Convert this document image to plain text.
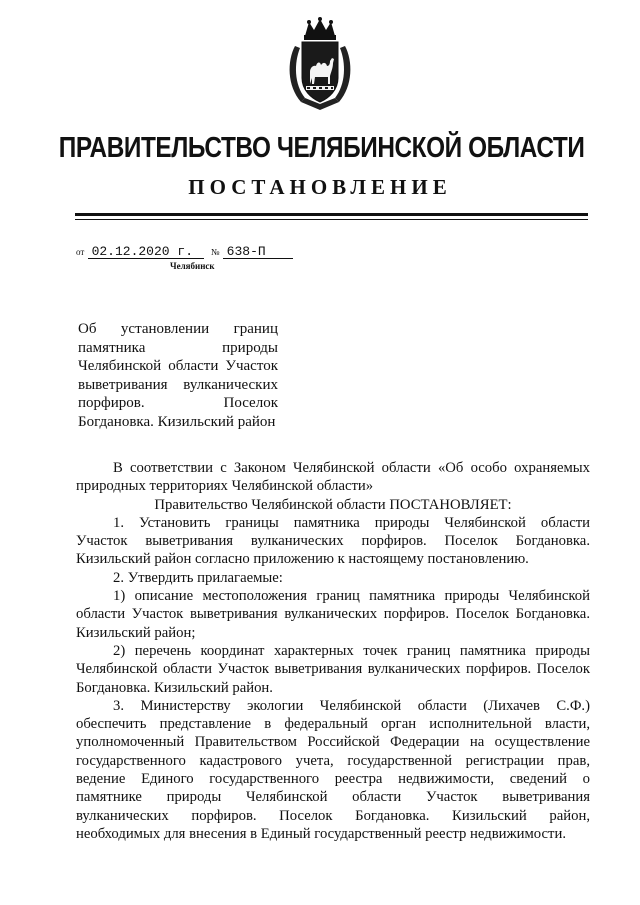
ПРАВИТЕЛЬСТВО ЧЕЛЯБИНСКОЙ ОБЛАСТИ
ПОСТАНОВЛЕНИЕ
от 02.12.2020 г. № 638-П
Челябинск
Об установлении границ
памятника природы
Челябинской области Участок
выветривания вулканических
порфиров. Поселок
Богдановка. Кизильский район

В соответствии с Законом Челябинской области «Об особо охраняемых

природных территориях Челябинской области»

Правительство Челябинской области ПОСТАНОВЛЯЕТ:

1. Установить границы памятника природы Челябинской области

Участок выветривания вулканических порфиров. Поселок Богдановка.

Кизильский район согласно приложению к настоящему постановлению.

2. Утвердить прилагаемые:

1) описание местоположения границ памятника природы Челябинской

области Участок выветривания вулканических порфиров. Поселок Богдановка.

Кизильский район;

2) перечень координат характерных точек границ памятника природы

Челябинской области Участок выветривания вулканических порфиров. Поселок

Богдановка. Кизильский район.

3. Министерству экологии Челябинской области (Лихачев С.Ф.)

обеспечить представление в федеральный орган исполнительной власти,

уполномоченный Правительством Российской Федерации на осуществление

государственного кадастрового учета, государственной регистрации прав,

ведение Единого государственного реестра недвижимости, сведений о

памятнике природы Челябинской области Участок выветривания

вулканических порфиров. Поселок Богдановка. Кизильский район,

необходимых для внесения в Единый государственный реестр недвижимости.
